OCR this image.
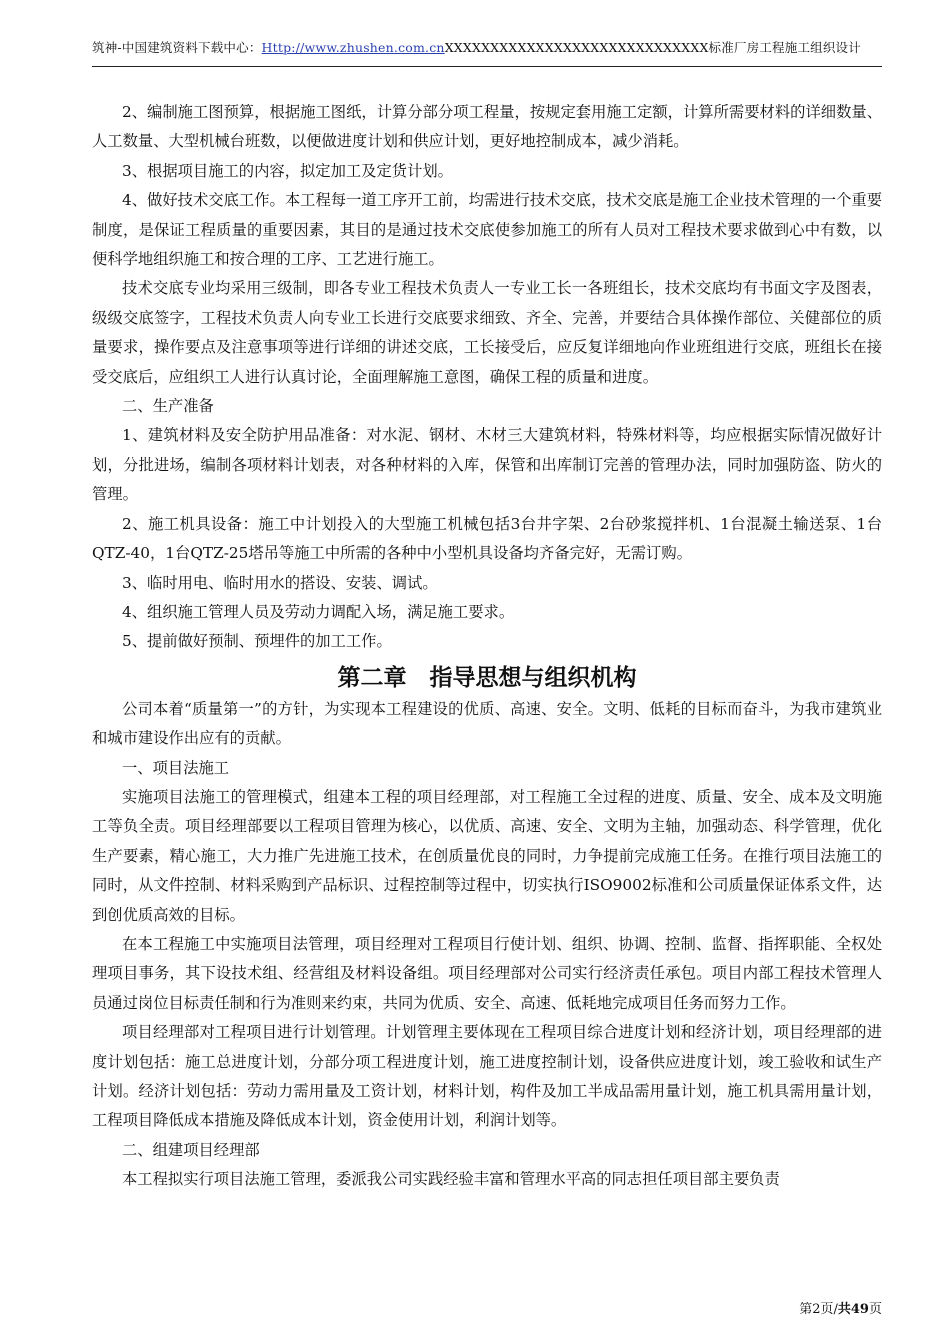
筑神-中国建筑资料下载中心：Http://www.zhushen.com.cnXXXXXXXXXXXXXXXXXXXXXXXXXXXXX标准厂房工程施工组织设计

2、编制施工图预算，根据施工图纸，计算分部分项工程量，按规定套用施工定额，计算所需要材料的详细数量、人工数量、大型机械台班数，以便做进度计划和供应计划，更好地控制成本，减少消耗。

3、根据项目施工的内容，拟定加工及定货计划。

4、做好技术交底工作。本工程每一道工序开工前，均需进行技术交底，技术交底是施工企业技术管理的一个重要制度，是保证工程质量的重要因素，其目的是通过技术交底使参加施工的所有人员对工程技术要求做到心中有数，以便科学地组织施工和按合理的工序、工艺进行施工。

技术交底专业均采用三级制，即各专业工程技术负责人一专业工长一各班组长，技术交底均有书面文字及图表，级级交底签字，工程技术负责人向专业工长进行交底要求细致、齐全、完善，并要结合具体操作部位、关健部位的质量要求，操作要点及注意事项等进行详细的讲述交底，工长接受后，应反复详细地向作业班组进行交底，班组长在接受交底后，应组织工人进行认真讨论，全面理解施工意图，确保工程的质量和进度。

二、生产准备

1、建筑材料及安全防护用品准备：对水泥、钢材、木材三大建筑材料，特殊材料等，均应根据实际情况做好计划，分批进场，编制各项材料计划表，对各种材料的入库，保管和出库制订完善的管理办法，同时加强防盗、防火的管理。

2、施工机具设备：施工中计划投入的大型施工机械包括3台井字架、2台砂浆搅拌机、1台混凝土输送泵、1台QTZ-40，1台QTZ-25塔吊等施工中所需的各种中小型机具设备均齐备完好，无需订购。

3、临时用电、临时用水的搭设、安装、调试。

4、组织施工管理人员及劳动力调配入场，满足施工要求。

5、提前做好预制、预埋件的加工工作。

第二章　指导思想与组织机构

公司本着“质量第一”的方针，为实现本工程建设的优质、高速、安全。文明、低耗的目标而奋斗，为我市建筑业和城市建设作出应有的贡献。

一、项目法施工

实施项目法施工的管理模式，组建本工程的项目经理部，对工程施工全过程的进度、质量、安全、成本及文明施工等负全责。项目经理部要以工程项目管理为核心，以优质、高速、安全、文明为主轴，加强动态、科学管理，优化生产要素，精心施工，大力推广先进施工技术，在创质量优良的同时，力争提前完成施工任务。在推行项目法施工的同时，从文件控制、材料采购到产品标识、过程控制等过程中，切实执行ISO9002标准和公司质量保证体系文件，达到创优质高效的目标。

在本工程施工中实施项目法管理，项目经理对工程项目行使计划、组织、协调、控制、监督、指挥职能、全权处理项目事务，其下设技术组、经营组及材料设备组。项目经理部对公司实行经济责任承包。项目内部工程技术管理人员通过岗位目标责任制和行为准则来约束，共同为优质、安全、高速、低耗地完成项目任务而努力工作。

项目经理部对工程项目进行计划管理。计划管理主要体现在工程项目综合进度计划和经济计划，项目经理部的进度计划包括：施工总进度计划，分部分项工程进度计划，施工进度控制计划，设备供应进度计划，竣工验收和试生产计划。经济计划包括：劳动力需用量及工资计划，材料计划，构件及加工半成品需用量计划，施工机具需用量计划，工程项目降低成本措施及降低成本计划，资金使用计划，利润计划等。

二、组建项目经理部

本工程拟实行项目法施工管理，委派我公司实践经验丰富和管理水平高的同志担任项目部主要负责

第2页/共49页
